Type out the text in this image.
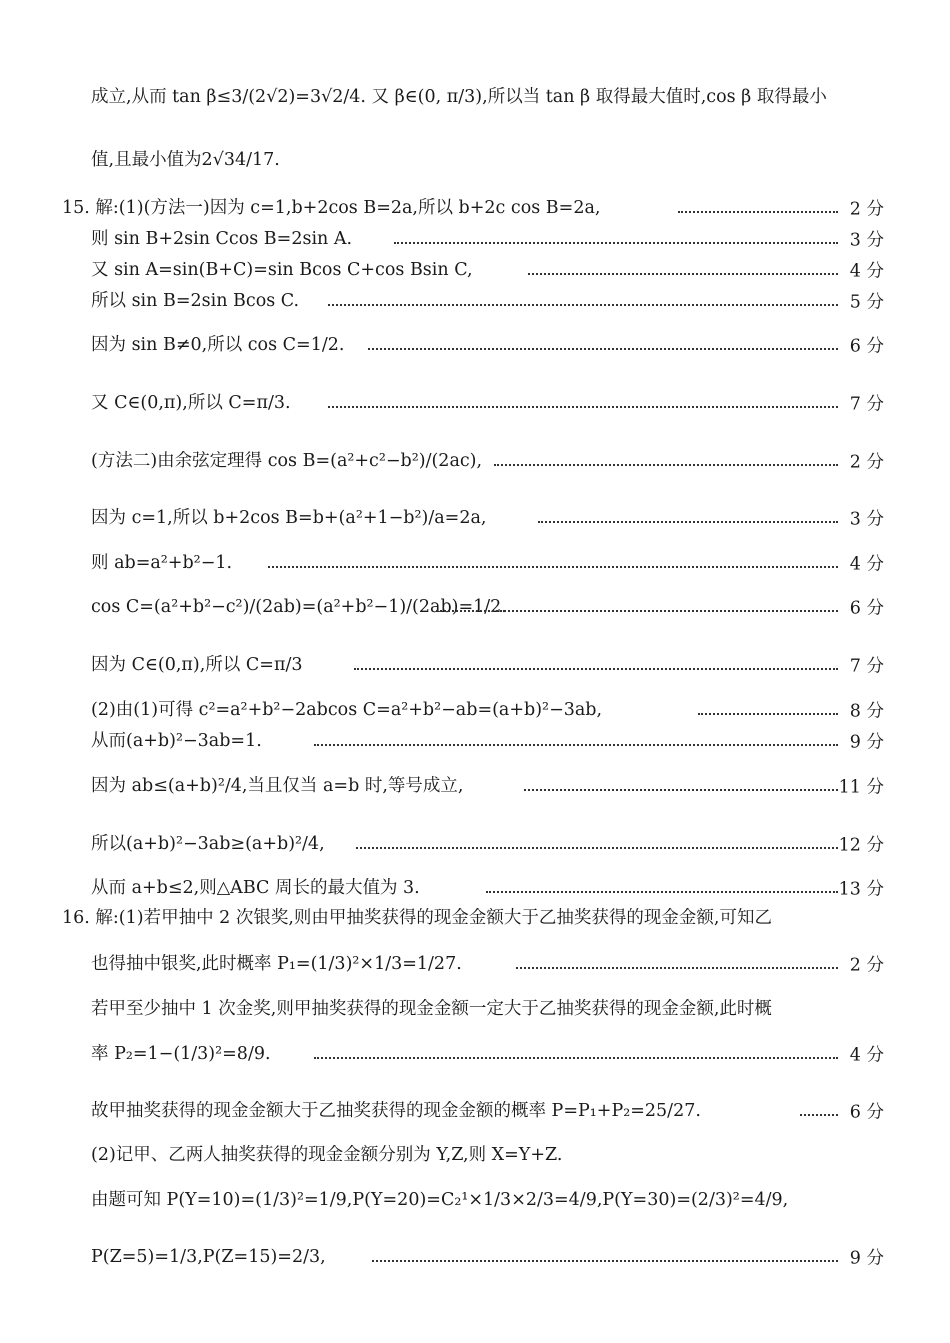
成立,从而 tan β≤3/(2√2)=3√2/4. 又 β∈(0, π/3),所以当 tan β 取得最大值时,cos β 取得最小
值,且最小值为2√34/17.
15. 解:(1)(方法一)因为 c=1,b+2cos B=2a,所以 b+2c cos B=2a,	2 分
则 sin B+2sin Ccos B=2sin A.	3 分
又 sin A=sin(B+C)=sin Bcos C+cos Bsin C,	4 分
所以 sin B=2sin Bcos C.	5 分
因为 sin B≠0,所以 cos C=1/2.	6 分
又 C∈(0,π),所以 C=π/3.	7 分
(方法二)由余弦定理得 cos B=(a²+c²−b²)/(2ac),	2 分
因为 c=1,所以 b+2cos B=b+(a²+1−b²)/a=2a,	3 分
则 ab=a²+b²−1.	4 分
cos C=(a²+b²−c²)/(2ab)=(a²+b²−1)/(2ab)=1/2.	6 分
因为 C∈(0,π),所以 C=π/3	7 分
(2)由(1)可得 c²=a²+b²−2abcos C=a²+b²−ab=(a+b)²−3ab,	8 分
从而(a+b)²−3ab=1.	9 分
因为 ab≤(a+b)²/4,当且仅当 a=b 时,等号成立,	11 分
所以(a+b)²−3ab≥(a+b)²/4,	12 分
从而 a+b≤2,则△ABC 周长的最大值为 3.	13 分
16. 解:(1)若甲抽中 2 次银奖,则由甲抽奖获得的现金金额大于乙抽奖获得的现金金额,可知乙
也得抽中银奖,此时概率 P₁=(1/3)²×1/3=1/27.	2 分
若甲至少抽中 1 次金奖,则甲抽奖获得的现金金额一定大于乙抽奖获得的现金金额,此时概
率 P₂=1−(1/3)²=8/9.	4 分
故甲抽奖获得的现金金额大于乙抽奖获得的现金金额的概率 P=P₁+P₂=25/27.	6 分
(2)记甲、乙两人抽奖获得的现金金额分别为 Y,Z,则 X=Y+Z.
由题可知 P(Y=10)=(1/3)²=1/9,P(Y=20)=C₂¹×1/3×2/3=4/9,P(Y=30)=(2/3)²=4/9,
P(Z=5)=1/3,P(Z=15)=2/3,	9 分
